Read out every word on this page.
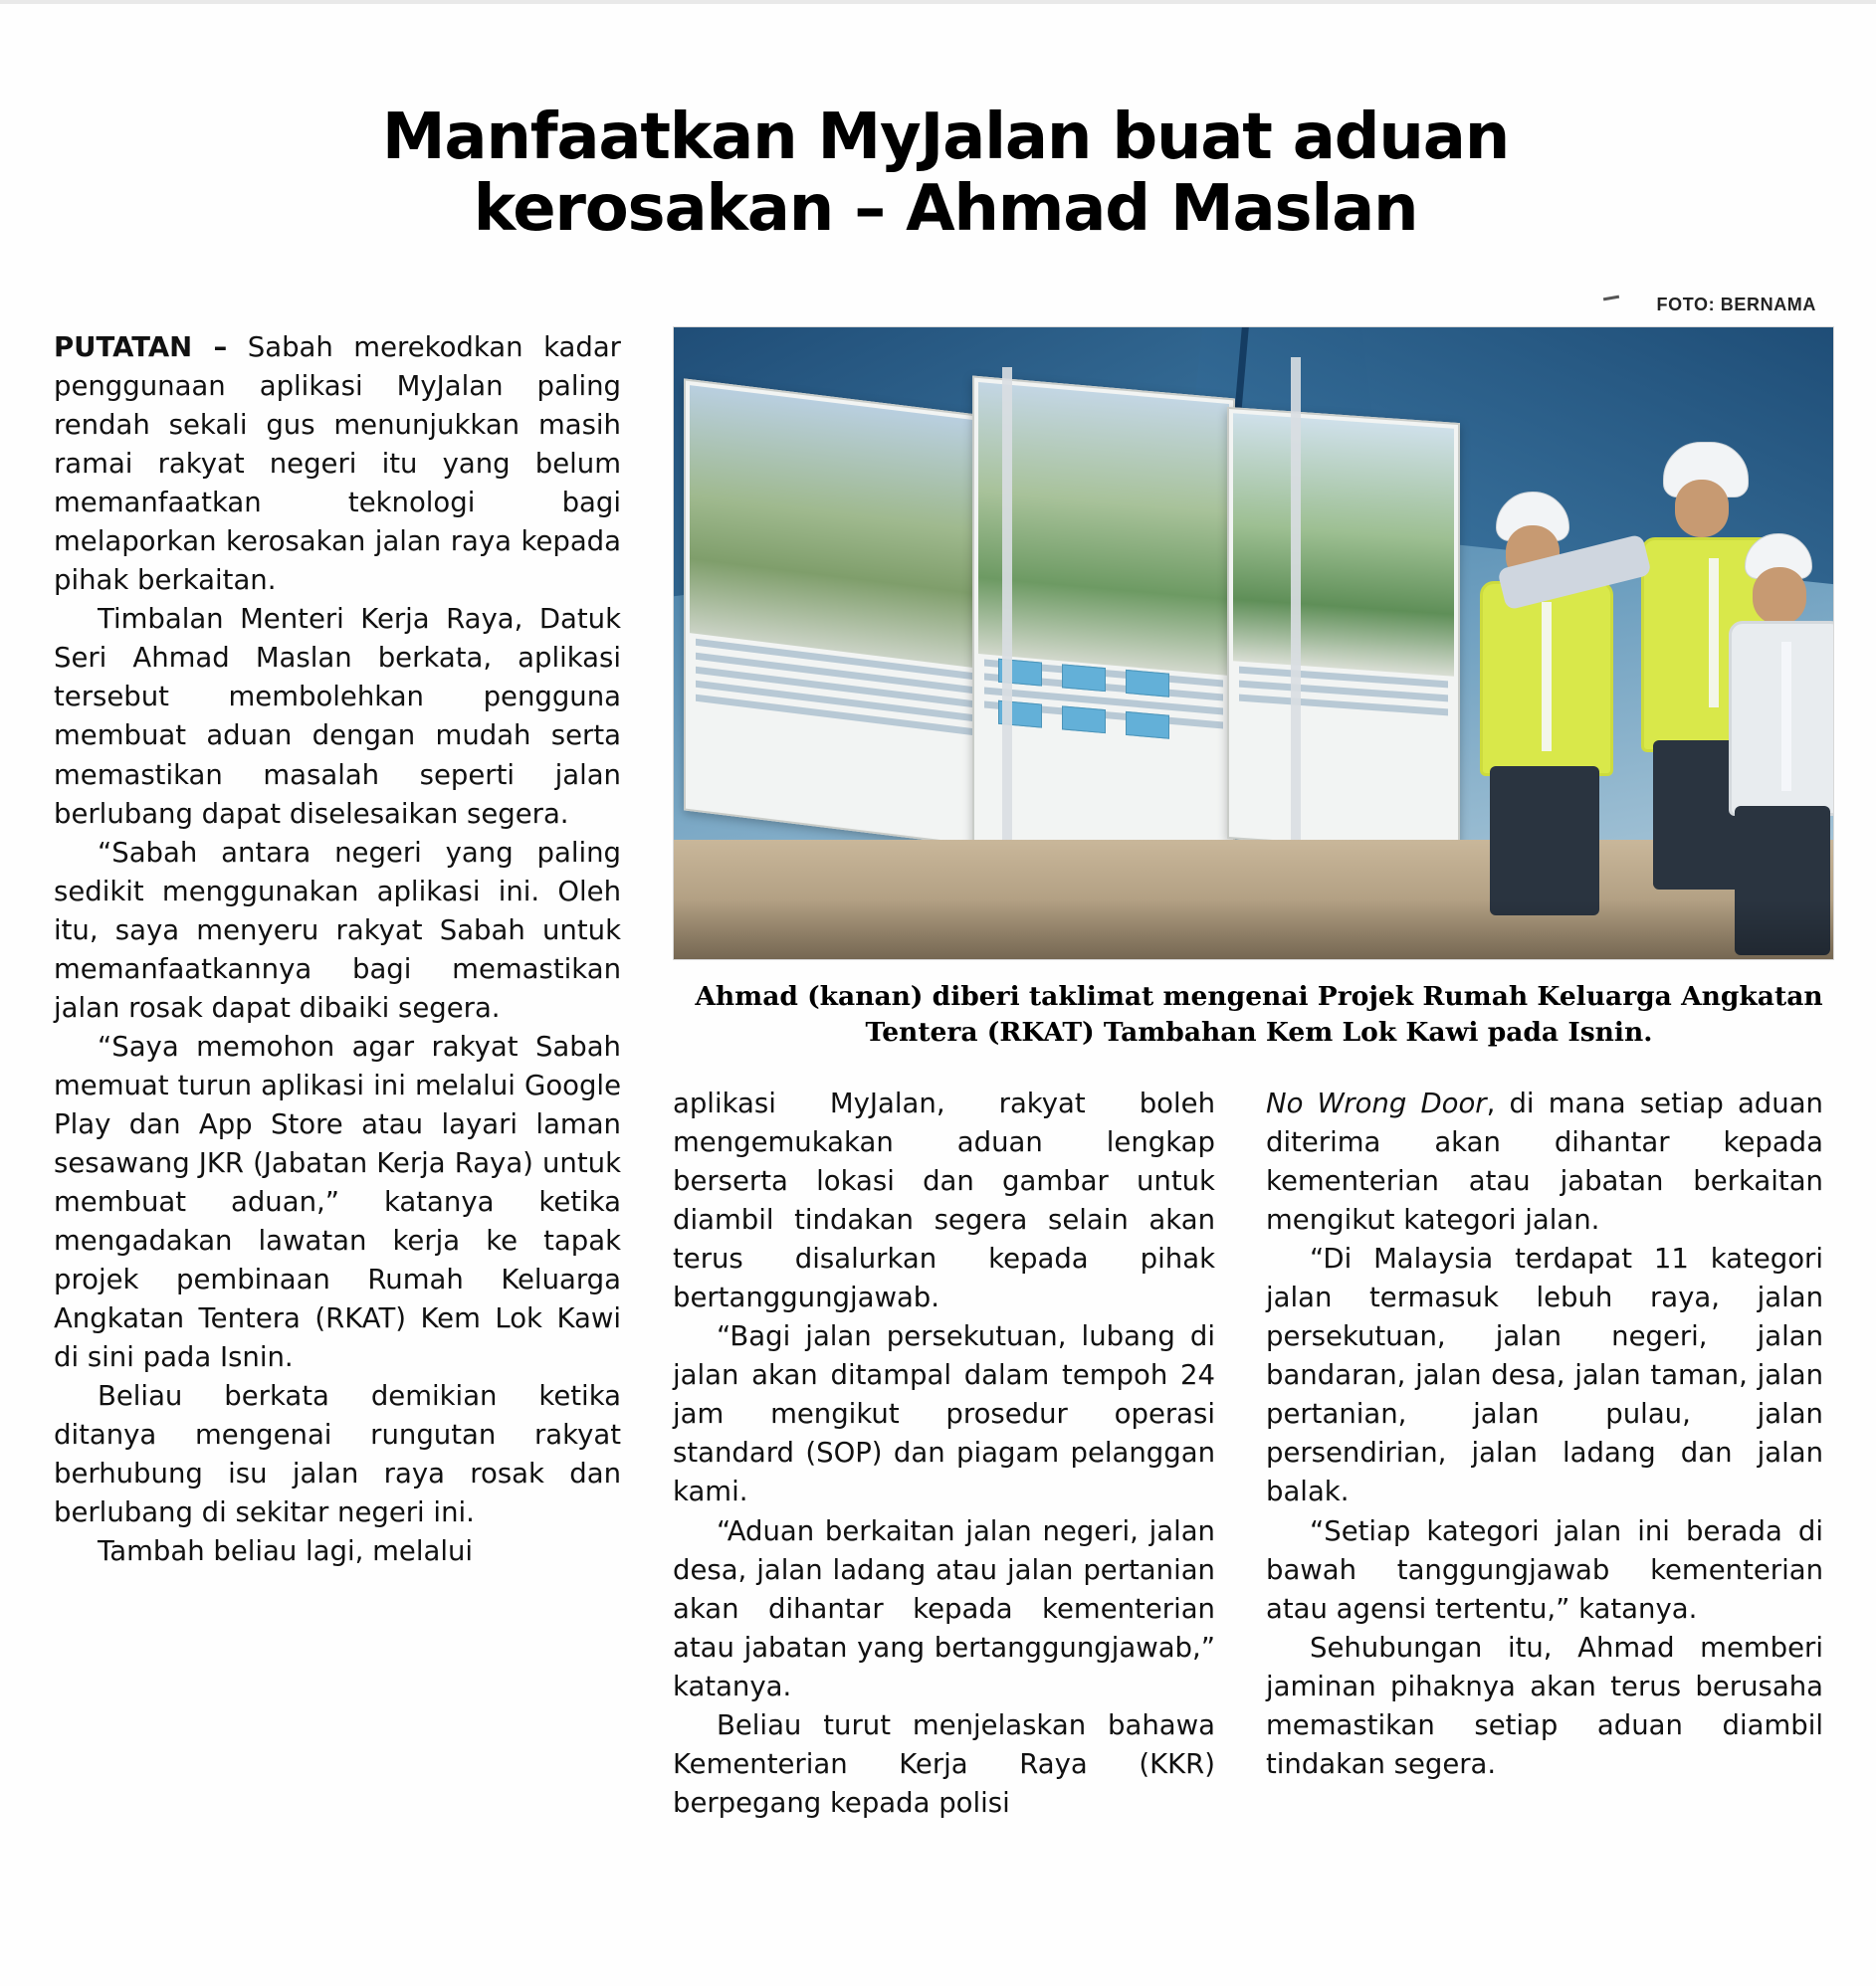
Manfaatkan MyJalan buat aduan
kerosakan – Ahmad Maslan
FOTO: BERNAMA
Ahmad (kanan) diberi taklimat mengenai Projek Rumah Keluarga Angkatan Tentera (RKAT) Tambahan Kem Lok Kawi pada Isnin.

PUTATAN – Sabah merekodkan kadar penggunaan aplikasi MyJalan paling rendah sekali gus menunjukkan masih ramai rakyat negeri itu yang belum memanfaatkan teknologi bagi melaporkan kerosakan jalan raya kepada pihak berkaitan.

Timbalan Menteri Kerja Raya, Datuk Seri Ahmad Maslan berkata, aplikasi tersebut membolehkan pengguna membuat aduan dengan mudah serta memastikan masalah seperti jalan berlubang dapat diselesaikan segera.

“Sabah antara negeri yang paling sedikit menggunakan aplikasi ini. Oleh itu, saya menyeru rakyat Sabah untuk memanfaatkannya bagi memastikan jalan rosak dapat dibaiki segera.

“Saya memohon agar rakyat Sabah memuat turun aplikasi ini melalui Google Play dan App Store atau layari laman sesawang JKR (Jabatan Kerja Raya) untuk membuat aduan,” katanya ketika mengadakan lawatan kerja ke tapak projek pembinaan Rumah Keluarga Angkatan Tentera (RKAT) Kem Lok Kawi di sini pada Isnin.

Beliau berkata demikian ketika ditanya mengenai rungutan rakyat berhubung isu jalan raya rosak dan berlubang di sekitar negeri ini.

Tambah beliau lagi, melalui

aplikasi MyJalan, rakyat boleh mengemukakan aduan lengkap berserta lokasi dan gambar untuk diambil tindakan segera selain akan terus disalurkan kepada pihak bertanggungjawab.

“Bagi jalan persekutuan, lubang di jalan akan ditampal dalam tempoh 24 jam mengikut prosedur operasi standard (SOP) dan piagam pelanggan kami.

“Aduan berkaitan jalan negeri, jalan desa, jalan ladang atau jalan pertanian akan dihantar kepada kementerian atau jabatan yang bertanggungjawab,” katanya.

Beliau turut menjelaskan bahawa Kementerian Kerja Raya (KKR) berpegang kepada polisi

No Wrong Door, di mana setiap aduan diterima akan dihantar kepada kementerian atau jabatan berkaitan mengikut kategori jalan.

“Di Malaysia terdapat 11 kategori jalan termasuk lebuh raya, jalan persekutuan, jalan negeri, jalan bandaran, jalan desa, jalan taman, jalan pertanian, jalan pulau, jalan persendirian, jalan ladang dan jalan balak.

“Setiap kategori jalan ini berada di bawah tanggungjawab kementerian atau agensi tertentu,” katanya.

Sehubungan itu, Ahmad memberi jaminan pihaknya akan terus berusaha memastikan setiap aduan diambil tindakan segera.
